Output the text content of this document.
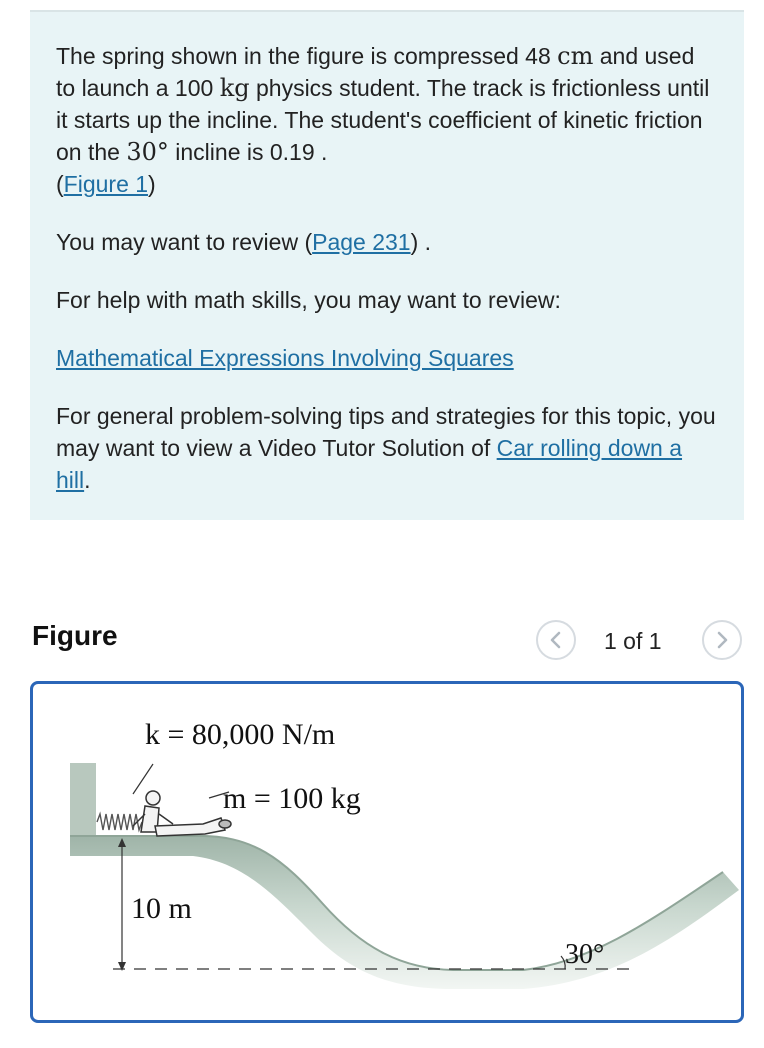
The spring shown in the figure is compressed 48 cm and used to launch a 100 kg physics student. The track is frictionless until it starts up the incline. The student's coefficient of kinetic friction on the 30° incline is 0.19 .
(Figure 1)

You may want to review (Page 231) .

For help with math skills, you may want to review:

Mathematical Expressions Involving Squares

For general problem-solving tips and strategies for this topic, you may want to view a Video Tutor Solution of Car rolling down a hill.

Figure	1 of 1
k = 80,000 N/m
m = 100 kg
10 m
30°
